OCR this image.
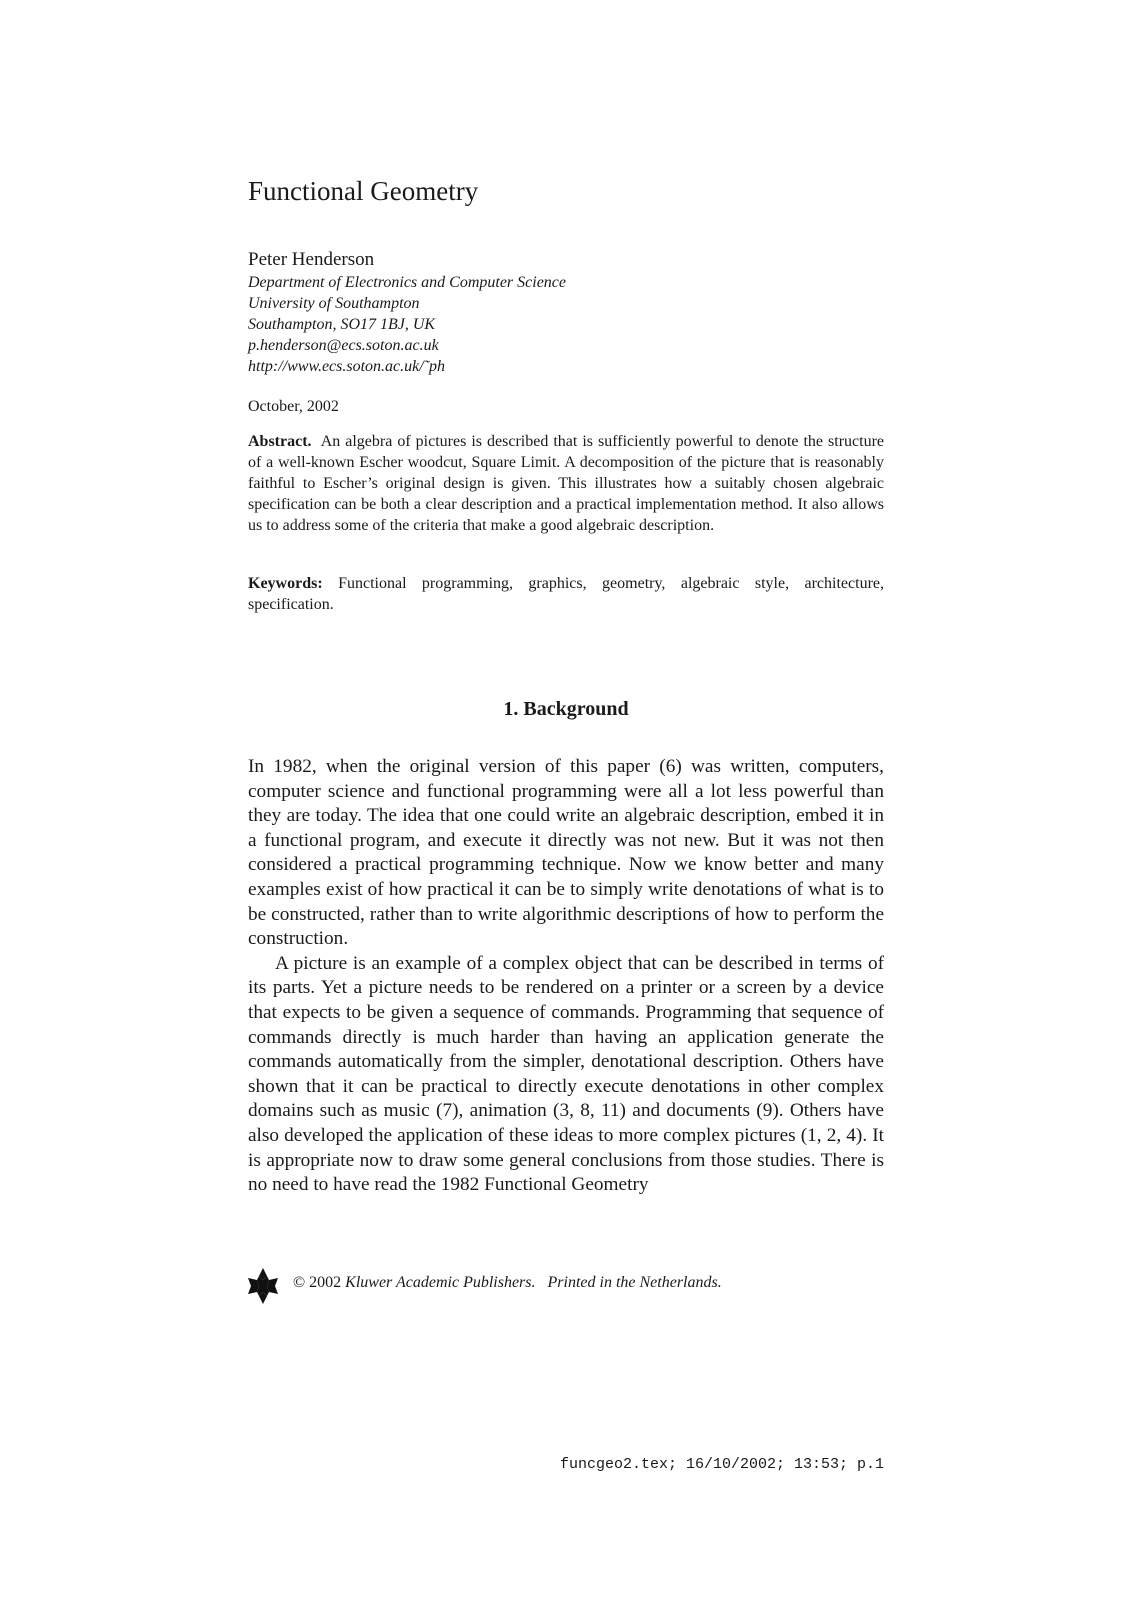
Functional Geometry

Peter Henderson

Department of Electronics and Computer Science

University of Southampton

Southampton, SO17 1BJ, UK

p.henderson@ecs.soton.ac.uk

http://www.ecs.soton.ac.uk/˜ph

October, 2002

Abstract. An algebra of pictures is described that is sufficiently powerful to denote the structure of a well-known Escher woodcut, Square Limit. A decomposition of the picture that is reasonably faithful to Escher’s original design is given. This illustrates how a suitably chosen algebraic specification can be both a clear description and a practical implementation method. It also allows us to address some of the criteria that make a good algebraic description.

Keywords: Functional programming, graphics, geometry, algebraic style, architecture, specification.

1. Background

In 1982, when the original version of this paper (6) was written, computers, computer science and functional programming were all a lot less powerful than they are today. The idea that one could write an algebraic description, embed it in a functional program, and execute it directly was not new. But it was not then considered a practical programming technique. Now we know better and many examples exist of how practical it can be to simply write denotations of what is to be constructed, rather than to write algorithmic descriptions of how to perform the construction.

A picture is an example of a complex object that can be described in terms of its parts. Yet a picture needs to be rendered on a printer or a screen by a device that expects to be given a sequence of commands. Programming that sequence of commands directly is much harder than having an application generate the commands automatically from the simpler, denotational description. Others have shown that it can be practical to directly execute denotations in other complex domains such as music (7), animation (3, 8, 11) and documents (9). Others have also developed the application of these ideas to more complex pictures (1, 2, 4). It is appropriate now to draw some general conclusions from those studies. There is no need to have read the 1982 Functional Geometry

© 2002 Kluwer Academic Publishers. Printed in the Netherlands.
funcgeo2.tex; 16/10/2002; 13:53; p.1
